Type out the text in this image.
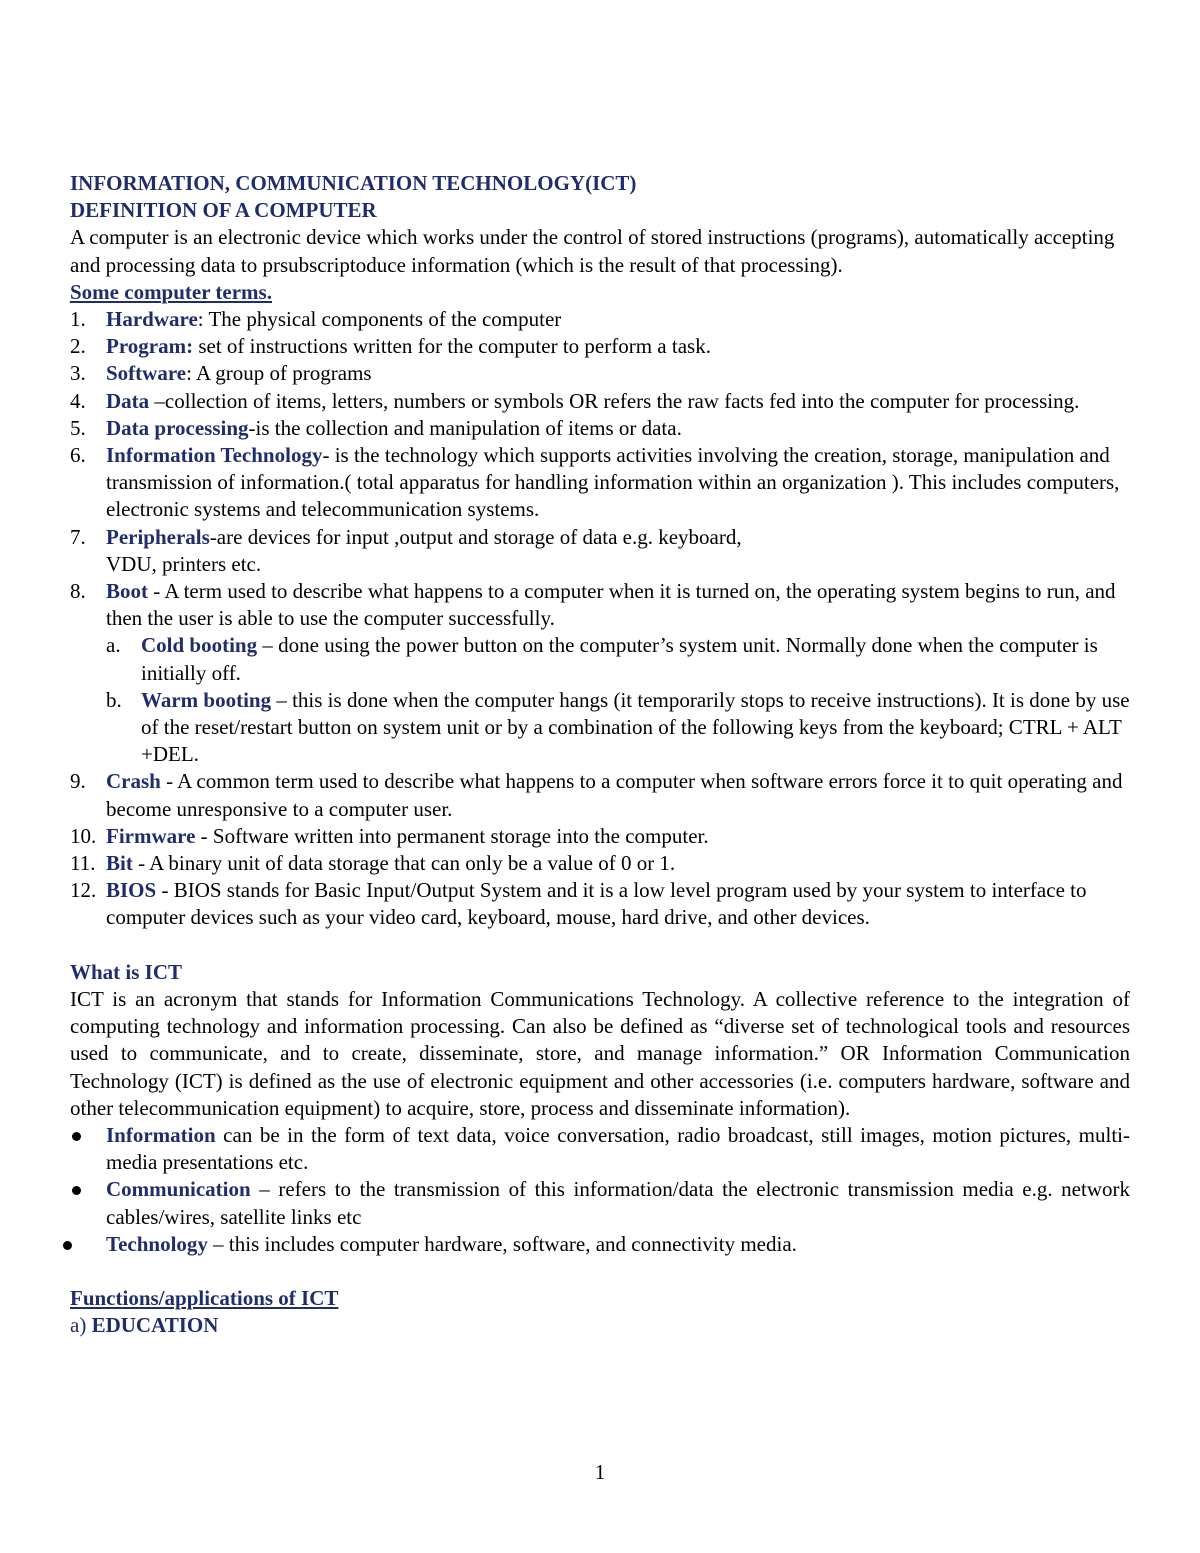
INFORMATION, COMMUNICATION TECHNOLOGY(ICT)

DEFINITION OF A COMPUTER

A computer is an electronic device which works under the control of stored instructions (programs), automatically accepting and processing data to prsubscriptoduce information (which is the result of that processing).

Some computer terms.

1. Hardware: The physical components of the computer
2. Program: set of instructions written for the computer to perform a task.
3. Software: A group of programs
4. Data –collection of items, letters, numbers or symbols OR refers the raw facts fed into the computer for processing.
5. Data processing-is the collection and manipulation of items or data.
6. Information Technology- is the technology which supports activities involving the creation, storage, manipulation and transmission of information.( total apparatus for handling information within an organization ). This includes computers, electronic systems and telecommunication systems.
7. Peripherals-are devices for input ,output and storage of data e.g. keyboard,
VDU, printers etc.
8. Boot - A term used to describe what happens to a computer when it is turned on, the operating system begins to run, and then the user is able to use the computer successfully.
a. Cold booting – done using the power button on the computer’s system unit. Normally done when the computer is initially off.
b. Warm booting – this is done when the computer hangs (it temporarily stops to receive instructions). It is done by use of the reset/restart button on system unit or by a combination of the following keys from the keyboard; CTRL + ALT +DEL.
9. Crash - A common term used to describe what happens to a computer when software errors force it to quit operating and become unresponsive to a computer user.
10. Firmware - Software written into permanent storage into the computer.
11. Bit - A binary unit of data storage that can only be a value of 0 or 1.
12. BIOS - BIOS stands for Basic Input/Output System and it is a low level program used by your system to interface to computer devices such as your video card, keyboard, mouse, hard drive, and other devices.

What is ICT

ICT is an acronym that stands for Information Communications Technology. A collective reference to the integration of computing technology and information processing. Can also be defined as “diverse set of technological tools and resources used to communicate, and to create, disseminate, store, and manage information.” OR Information Communication Technology (ICT) is defined as the use of electronic equipment and other accessories (i.e. computers hardware, software and other telecommunication equipment) to acquire, store, process and disseminate information).

Information can be in the form of text data, voice conversation, radio broadcast, still images, motion pictures, multi-media presentations etc.
Communication – refers to the transmission of this information/data the electronic transmission media e.g. network cables/wires, satellite links etc
Technology – this includes computer hardware, software, and connectivity media.

Functions/applications of ICT

a) EDUCATION

1
